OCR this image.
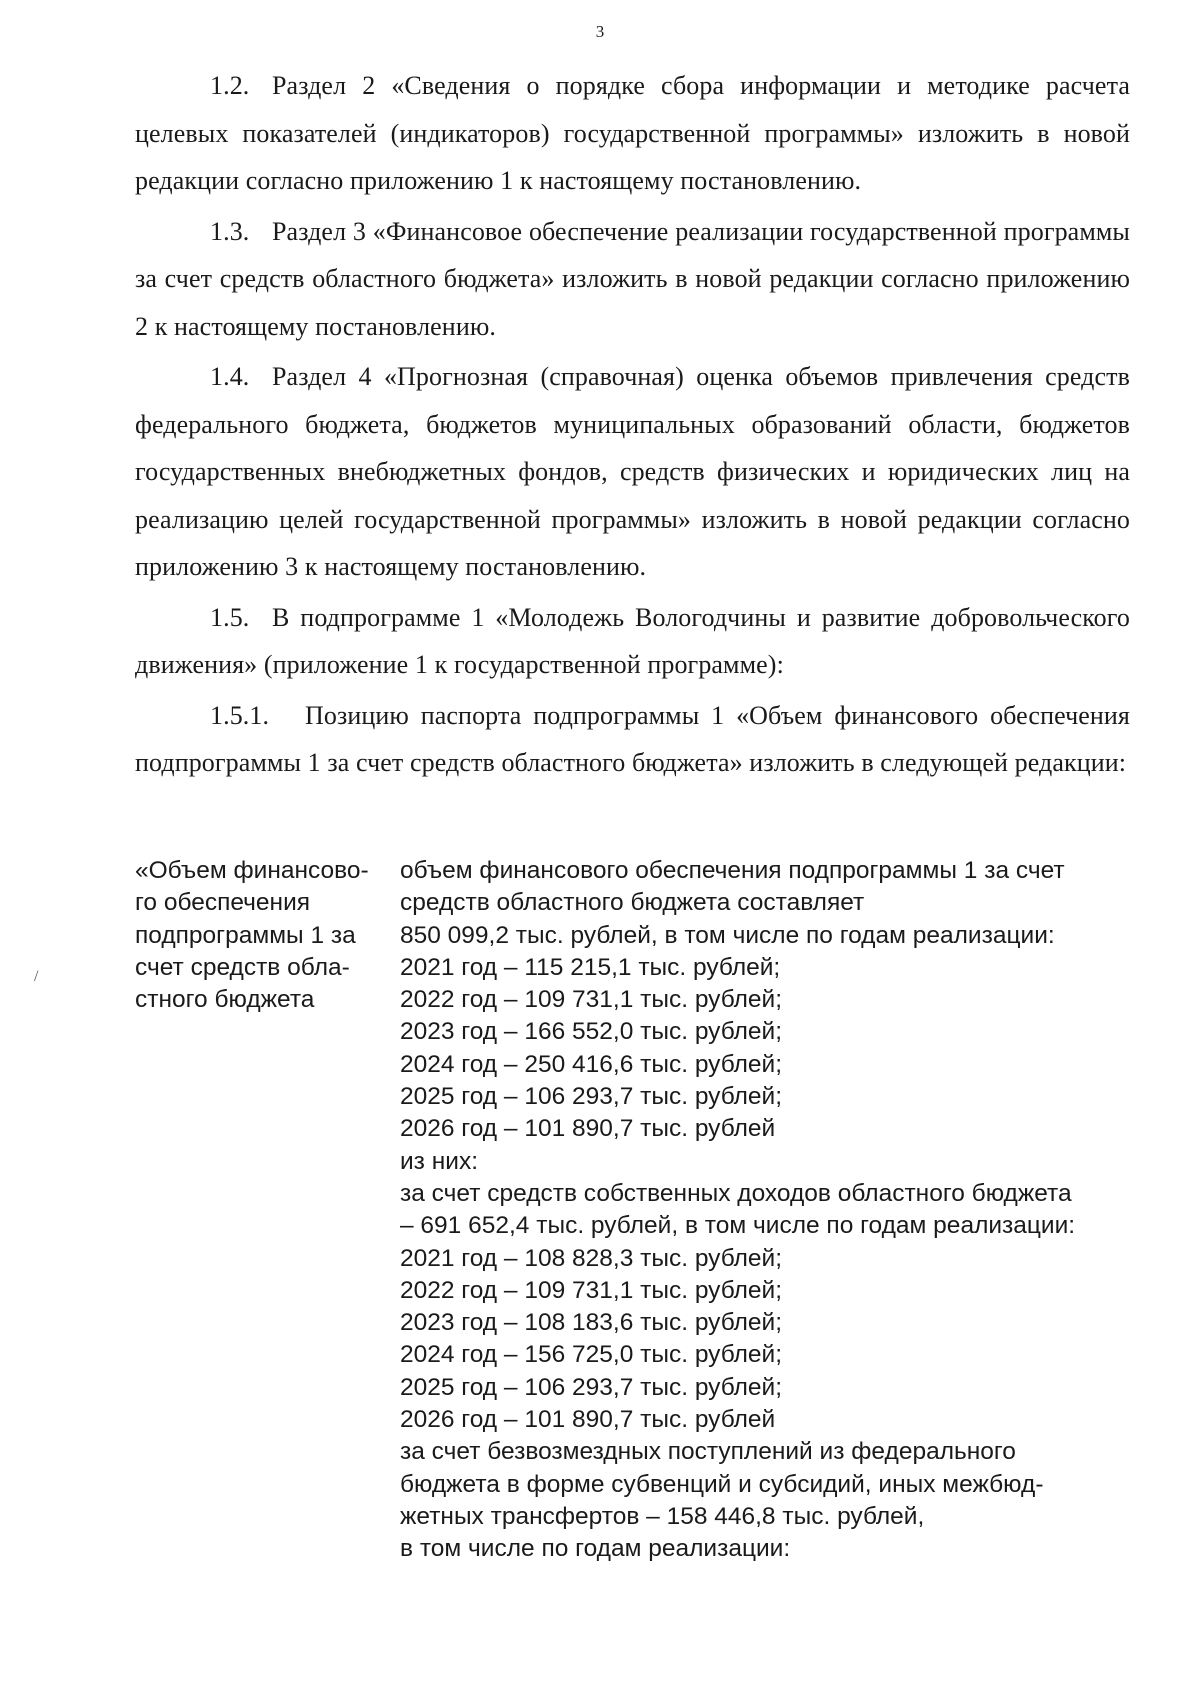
3

1.2. Раздел 2 «Сведения о порядке сбора информации и методике расчета целевых показателей (индикаторов) государственной программы» изложить в новой редакции согласно приложению 1 к настоящему постановлению.

1.3. Раздел 3 «Финансовое обеспечение реализации государственной программы за счет средств областного бюджета» изложить в новой редакции согласно приложению 2 к настоящему постановлению.

1.4. Раздел 4 «Прогнозная (справочная) оценка объемов привлечения средств федерального бюджета, бюджетов муниципальных образований области, бюджетов государственных внебюджетных фондов, средств физических и юридических лиц на реализацию целей государственной программы» изложить в новой редакции согласно приложению 3 к настоящему постановлению.

1.5. В подпрограмме 1 «Молодежь Вологодчины и развитие добровольческого движения» (приложение 1 к государственной программе):

1.5.1. Позицию паспорта подпрограммы 1 «Объем финансового обеспечения подпрограммы 1 за счет средств областного бюджета» изложить в следующей редакции:

«Объем финансово-
го обеспечения
подпрограммы 1 за
счет средств обла-
стного бюджета
объем финансового обеспечения подпрограммы 1 за счет
средств областного бюджета составляет
850 099,2 тыс. рублей, в том числе по годам реализации:
2021 год – 115 215,1 тыс. рублей;
2022 год – 109 731,1 тыс. рублей;
2023 год – 166 552,0 тыс. рублей;
2024 год – 250 416,6 тыс. рублей;
2025 год – 106 293,7 тыс. рублей;
2026 год – 101 890,7 тыс. рублей
из них:
за счет средств собственных доходов областного бюджета
– 691 652,4 тыс. рублей, в том числе по годам реализации:
2021 год – 108 828,3 тыс. рублей;
2022 год – 109 731,1 тыс. рублей;
2023 год – 108 183,6 тыс. рублей;
2024 год – 156 725,0 тыс. рублей;
2025 год – 106 293,7 тыс. рублей;
2026 год – 101 890,7 тыс. рублей
за счет безвозмездных поступлений из федерального
бюджета в форме субвенций и субсидий, иных межбюд-
жетных трансфертов – 158 446,8 тыс. рублей,
в том числе по годам реализации:
/
